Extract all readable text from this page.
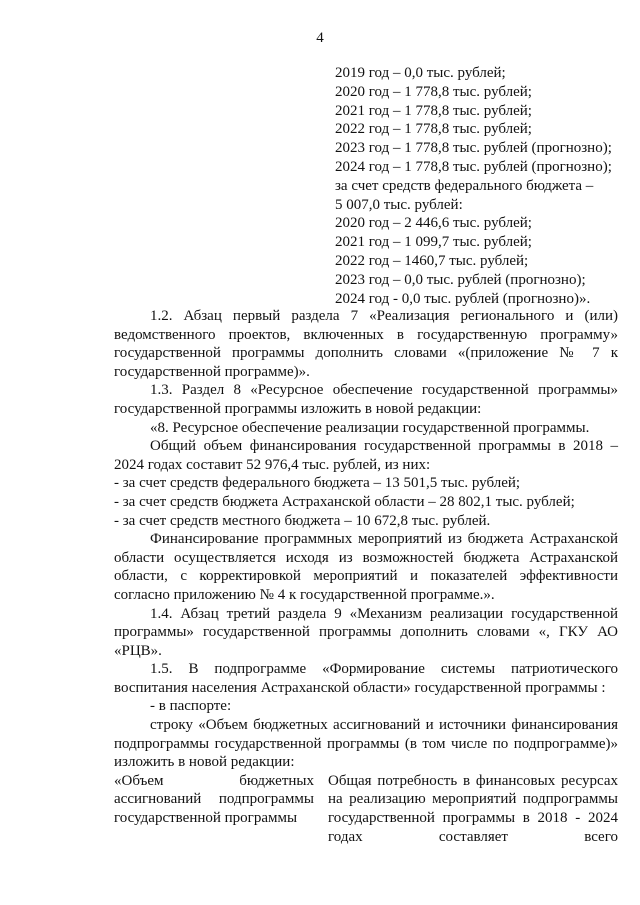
4
2019 год – 0,0 тыс. рублей;
2020 год – 1 778,8 тыс. рублей;
2021 год – 1 778,8 тыс. рублей;
2022 год – 1 778,8 тыс. рублей;
2023 год – 1 778,8 тыс. рублей (прогнозно);
2024 год – 1 778,8 тыс. рублей (прогнозно);
за счет средств федерального бюджета –
5 007,0 тыс. рублей:
2020 год – 2 446,6 тыс. рублей;
2021 год – 1 099,7 тыс. рублей;
2022 год – 1460,7 тыс. рублей;
2023 год – 0,0 тыс. рублей (прогнозно);
2024 год - 0,0 тыс. рублей (прогнозно)».
1.2. Абзац первый раздела 7 «Реализация регионального и (или) ведомственного проектов, включенных в государственную программу» государственной программы дополнить словами «(приложение № 7 к государственной программе)».
1.3. Раздел 8 «Ресурсное обеспечение государственной программы» государственной программы изложить в новой редакции:
«8. Ресурсное обеспечение реализации государственной программы.
Общий объем финансирования государственной программы в 2018 – 2024 годах составит 52 976,4 тыс. рублей, из них:
- за счет средств федерального бюджета – 13 501,5 тыс. рублей;
- за счет средств бюджета Астраханской области – 28 802,1 тыс. рублей;
- за счет средств местного бюджета – 10 672,8 тыс. рублей.
Финансирование программных мероприятий из бюджета Астраханской области осуществляется исходя из возможностей бюджета Астраханской области, с корректировкой мероприятий и показателей эффективности согласно приложению № 4 к государственной программе.».
1.4. Абзац третий раздела 9 «Механизм реализации государственной программы» государственной программы дополнить словами «, ГКУ АО «РЦВ».
1.5. В подпрограмме «Формирование системы патриотического воспитания населения Астраханской области» государственной программы :
- в паспорте:
строку «Объем бюджетных ассигнований и источники финансирования подпрограммы государственной программы (в том числе по подпрограмме)» изложить в новой редакции:
«Объем бюджетных ассигнований подпрограммы государственной программы
Общая потребность в финансовых ресурсах на реализацию мероприятий подпрограммы государственной программы в 2018 - 2024 годах составляет всего
